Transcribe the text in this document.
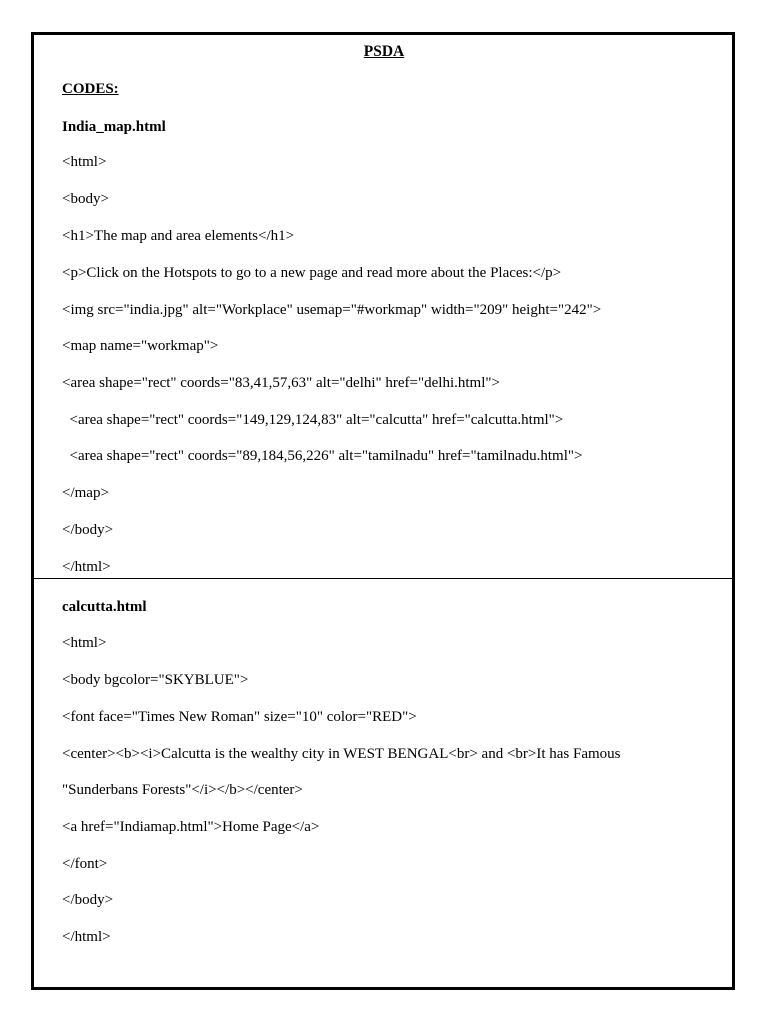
PSDA
CODES:
India_map.html
<html>
<body>
<h1>The map and area elements</h1>
<p>Click on the Hotspots to go to a new page and read more about the Places:</p>
<img src="india.jpg" alt="Workplace" usemap="#workmap" width="209" height="242">
<map name="workmap">
<area shape="rect" coords="83,41,57,63" alt="delhi" href="delhi.html">
<area shape="rect" coords="149,129,124,83" alt="calcutta" href="calcutta.html">
<area shape="rect" coords="89,184,56,226" alt="tamilnadu" href="tamilnadu.html">
</map>
</body>
</html>
calcutta.html
<html>
<body bgcolor="SKYBLUE">
<font face="Times New Roman" size="10" color="RED">
<center><b><i>Calcutta is the wealthy city in WEST BENGAL<br> and <br>It has Famous
"Sunderbans Forests"</i></b></center>
<a href="Indiamap.html">Home Page</a>
</font>
</body>
</html>
